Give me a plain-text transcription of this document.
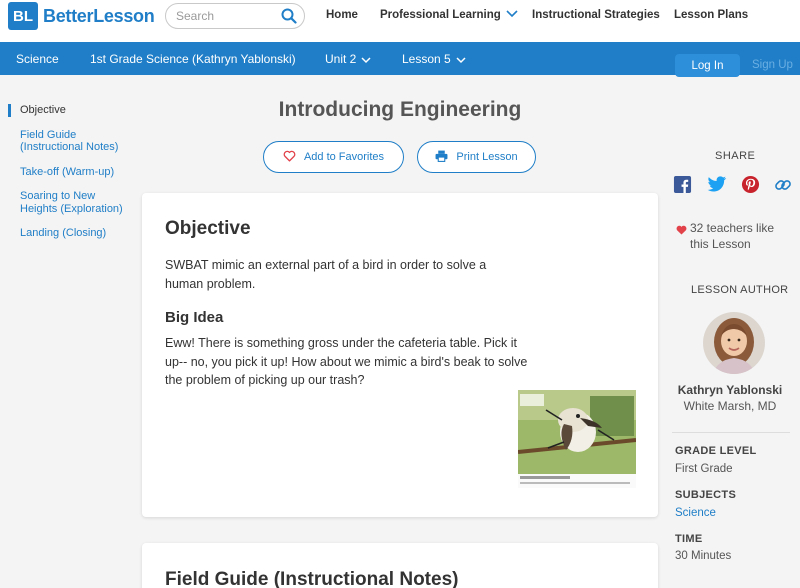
BL BetterLesson
Search	Home Professional Learning	Instructional Strategies Lesson Plans
Science	1st Grade Science (Kathryn Yablonski) Unit 2	Lesson 5	Log In	Sign Up
Objective
Field Guide (Instructional Notes)
Take-off (Warm-up)
Soaring to New Heights (Exploration)
Landing (Closing)
Introducing Engineering
Add to Favorites	Print Lesson
Objective

SWBAT mimic an external part of a bird in order to solve a human problem.

Big Idea

Eww! There is something gross under the cafeteria table. Pick it up-- no, you pick it up! How about we mimic a bird's beak to solve the problem of picking up our trash?

Field Guide (Instructional Notes)
SHARE
32 teachers like this Lesson
LESSON AUTHOR
Kathryn Yablonski
White Marsh, MD
GRADE LEVEL
First Grade
SUBJECTS
Science
TIME
30 Minutes
